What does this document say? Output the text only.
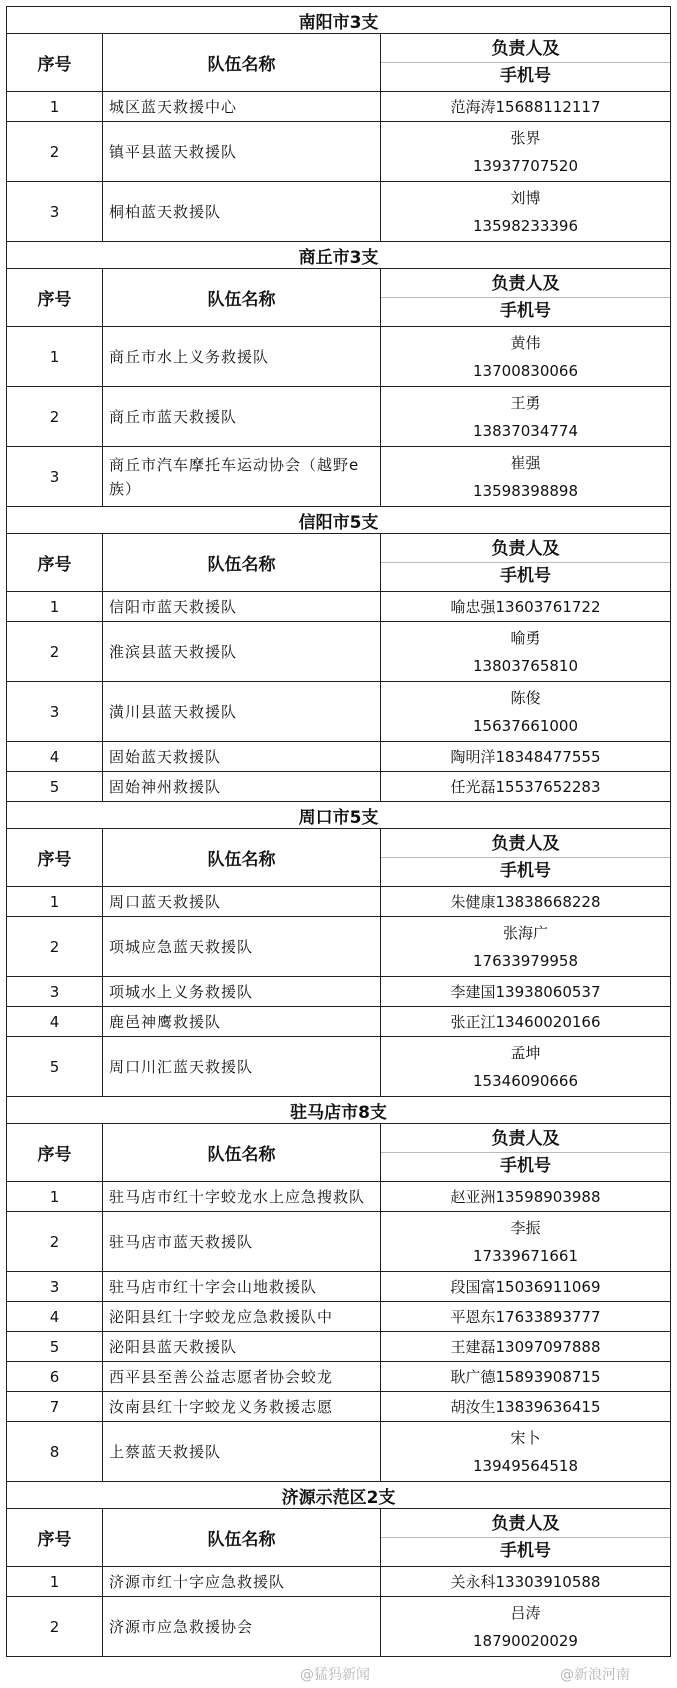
南阳市3支		
序号	队伍名称	负责人及
手机号

1	城区蓝天救援中心	范海涛15688112117

2	镇平县蓝天救援队	张界
13937707520

3	桐柏蓝天救援队	刘博
13598233396
商丘市3支		
序号	队伍名称	负责人及
手机号

1	商丘市水上义务救援队	黄伟
13700830066

2	商丘市蓝天救援队	王勇
13837034774

3	商丘市汽车摩托车运动协会（越野e族）	崔强
13598398898
信阳市5支		
序号	队伍名称	负责人及
手机号

1	信阳市蓝天救援队	喻忠强13603761722

2	淮滨县蓝天救援队	喻勇
13803765810

3	潢川县蓝天救援队	陈俊
15637661000

4	固始蓝天救援队	陶明洋18348477555

5	固始神州救援队	任光磊15537652283
周口市5支		
序号	队伍名称	负责人及
手机号

1	周口蓝天救援队	朱健康13838668228

2	项城应急蓝天救援队	张海广
17633979958

3	项城水上义务救援队	李建国13938060537

4	鹿邑神鹰救援队	张正江13460020166

5	周口川汇蓝天救援队	孟坤
15346090666
驻马店市8支		
序号	队伍名称	负责人及
手机号

1	驻马店市红十字蛟龙水上应急搜救队	赵亚洲13598903988

2	驻马店市蓝天救援队	李振
17339671661

3	驻马店市红十字会山地救援队	段国富15036911069

4	泌阳县红十字蛟龙应急救援队中	平恩东17633893777

5	泌阳县蓝天救援队	王建磊13097097888

6	西平县至善公益志愿者协会蛟龙	耿广德15893908715

7	汝南县红十字蛟龙义务救援志愿	胡汝生13839636415

8	上蔡蓝天救援队	宋卜
13949564518
济源示范区2支		
序号	队伍名称	负责人及
手机号

1	济源市红十字应急救援队	关永科13303910588

2	济源市应急救援协会	吕涛
18790020029
@猛犸新闻	@新浪河南
